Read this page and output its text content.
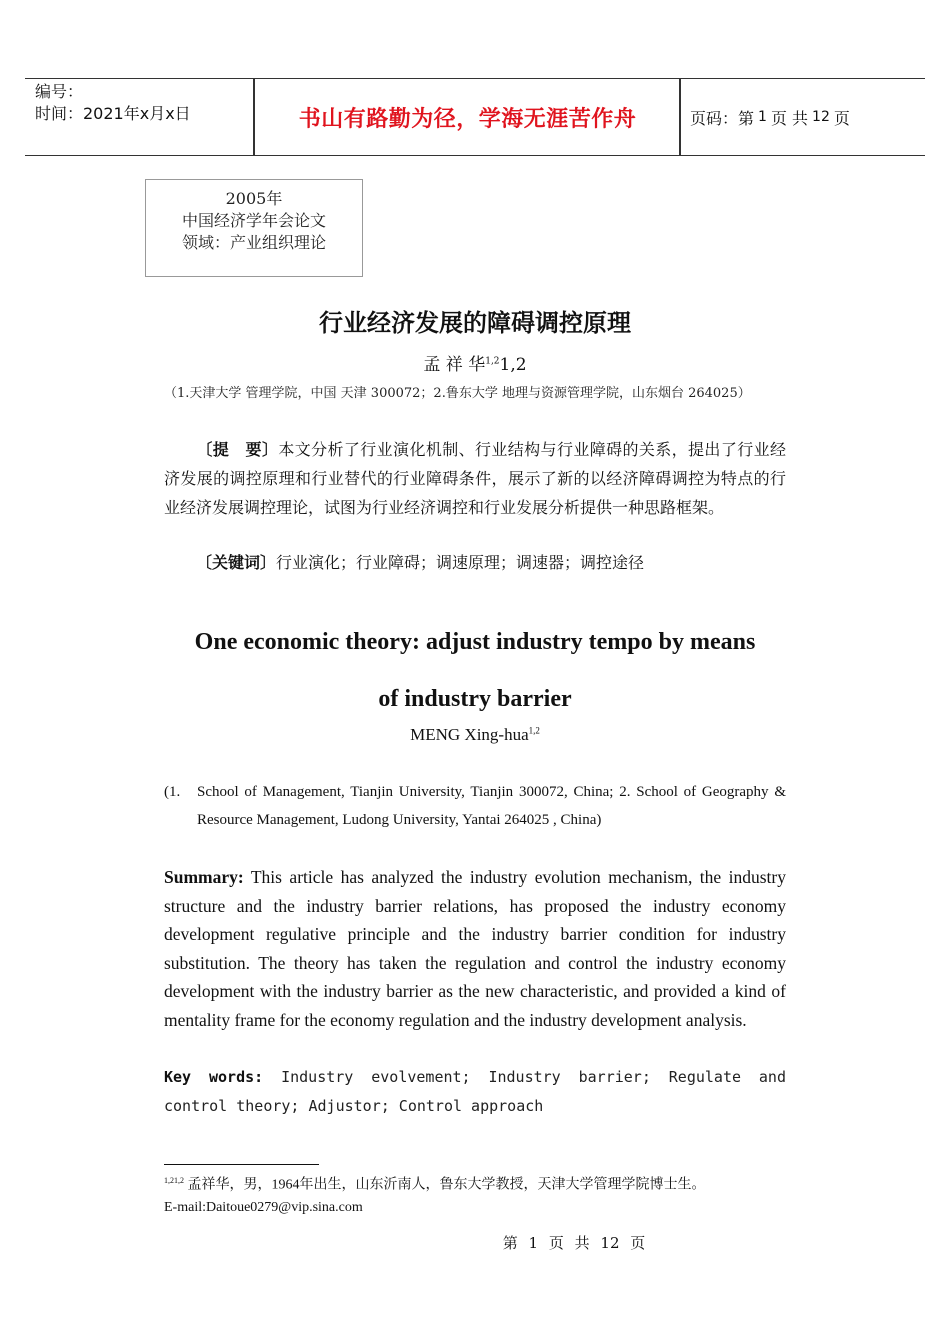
编号：
时间：2021年x月x日	书山有路勤为径，学海无涯苦作舟	页码：第 1 页 共 12 页
2005年
中国经济学年会论文
领域：产业组织理论
行业经济发展的障碍调控原理
孟 祥 华$^{1,2}$1,2
（1.天津大学 管理学院，中国 天津 300072；2.鲁东大学 地理与资源管理学院，山东烟台 264025）
〔提　要〕本文分析了行业演化机制、行业结构与行业障碍的关系，提出了行业经济发展的调控原理和行业替代的行业障碍条件，展示了新的以经济障碍调控为特点的行业经济发展调控理论，试图为行业经济调控和行业发展分析提供一种思路框架。
〔关键词〕行业演化；行业障碍；调速原理；调速器；调控途径
One economic theory: adjust industry tempo by means
of industry barrier
MENG Xing-hua$^{1,2}$
(1.	School of Management, Tianjin University, Tianjin 300072, China; 2. School of Geography & Resource Management, Ludong University, Yantai 264025 , China)
Summary: This article has analyzed the industry evolution mechanism, the industry structure and the industry barrier relations, has proposed the industry economy development regulative principle and the industry barrier condition for industry substitution. The theory has taken the regulation and control the industry economy development with the industry barrier as the new characteristic, and provided a kind of mentality frame for the economy regulation and the industry development analysis.
Key words: Industry evolvement; Industry barrier; Regulate and control theory; Adjustor; Control approach
$^{1,21,2}$ 孟祥华，男，1964年出生，山东沂南人，鲁东大学教授，天津大学管理学院博士生。
E-mail:Daitoue0279@vip.sina.com
第 1 页 共 12 页
